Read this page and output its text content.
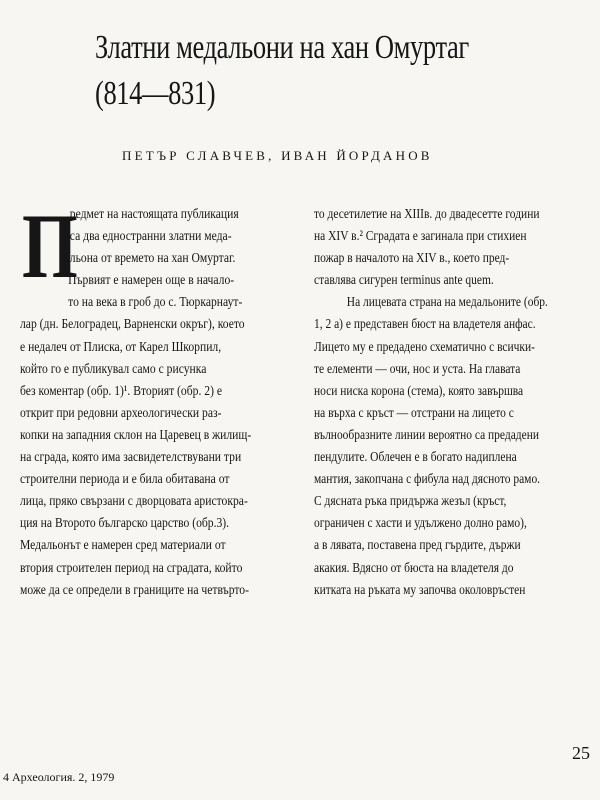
Златни медальони на хан Омуртаг
(814—831)
ПЕТЪР СЛАВЧЕВ, ИВАН ЙОРДАНОВ
П
редмет на настоящата публикация
са два едностранни златни меда-
льона от времето на хан Омуртаг.
Първият е намерен още в начало-
то на века в гроб до с. Тюркарнаут-
лар (дн. Белоградец, Варненски окръг), което
е недалеч от Плиска, от Карел Шкорпил,
който го е публикувал само с рисунка
без коментар (обр. 1)¹. Вторият (обр. 2) е
открит при редовни археологически раз-
копки на западния склон на Царевец в жилищ-
на сграда, която има засвидетелствувани три
строителни периода и е била обитавана от
лица, пряко свързани с дворцовата аристокра-
ция на Второто българско царство (обр.3).
Медальонът е намерен сред материали от
втория строителен период на сградата, който
може да се определи в границите на четвърто-
то десетилетие на XIIIв. до двадесетте години
на XIV в.² Сградата е загинала при стихиен
пожар в началото на XIV в., което пред-
ставлява сигурен terminus ante quem.
На лицевата страна на медальоните (обр.
1, 2 а) е представен бюст на владетеля анфас.
Лицето му е предадено схематично с всички-
те елементи — очи, нос и уста. На главата
носи ниска корона (стема), която завършва
на върха с кръст — отстрани на лицето с
вълнообразните линии вероятно са предадени
пендулите. Облечен е в богато надиплена
мантия, закопчана с фибула над дясното рамо.
С дясната ръка придържа жезъл (кръст,
ограничен с хасти и удължено долно рамо),
а в лявата, поставена пред гърдите, държи
акакия. Вдясно от бюста на владетеля до
китката на ръката му започва околовръстен
25
4 Археология. 2, 1979
